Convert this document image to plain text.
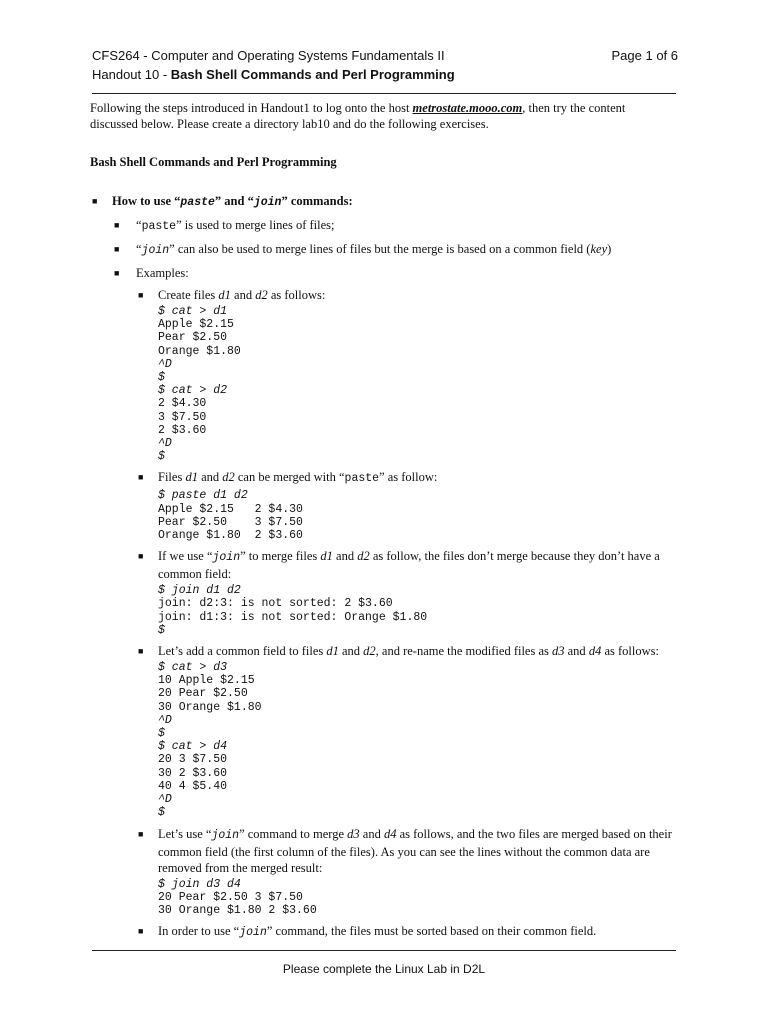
CFS264 - Computer and Operating Systems Fundamentals II	Page 1 of 6
Handout 10 - Bash Shell Commands and Perl Programming

Following the steps introduced in Handout1 to log onto the host metrostate.mooo.com, then try the content discussed below. Please create a directory lab10 and do the following exercises.

Bash Shell Commands and Perl Programming

■ How to use “paste” and “join” commands:
■ “paste” is used to merge lines of files;
■ “join” can also be used to merge lines of files but the merge is based on a common field (key)
■ Examples:
■ Create files d1 and d2 as follows:
$ cat > d1
Apple $2.15
Pear $2.50
Orange $1.80
^D
$
$ cat > d2
2 $4.30
3 $7.50
2 $3.60
^D
$
■ Files d1 and d2 can be merged with “paste” as follow:
$ paste d1 d2
Apple $2.15   2 $4.30
Pear $2.50    3 $7.50
Orange $1.80  2 $3.60
■ If we use “join” to merge files d1 and d2 as follow, the files don’t merge because they don’t have a common field:
$ join d1 d2
join: d2:3: is not sorted: 2 $3.60
join: d1:3: is not sorted: Orange $1.80
$
■ Let’s add a common field to files d1 and d2, and re-name the modified files as d3 and d4 as follows:
$ cat > d3
10 Apple $2.15
20 Pear $2.50
30 Orange $1.80
^D
$
$ cat > d4
20 3 $7.50
30 2 $3.60
40 4 $5.40
^D
$
■ Let’s use “join” command to merge d3 and d4 as follows, and the two files are merged based on their common field (the first column of the files). As you can see the lines without the common data are removed from the merged result:
$ join d3 d4
20 Pear $2.50 3 $7.50
30 Orange $1.80 2 $3.60
■ In order to use “join” command, the files must be sorted based on their common field.
Please complete the Linux Lab in D2L
